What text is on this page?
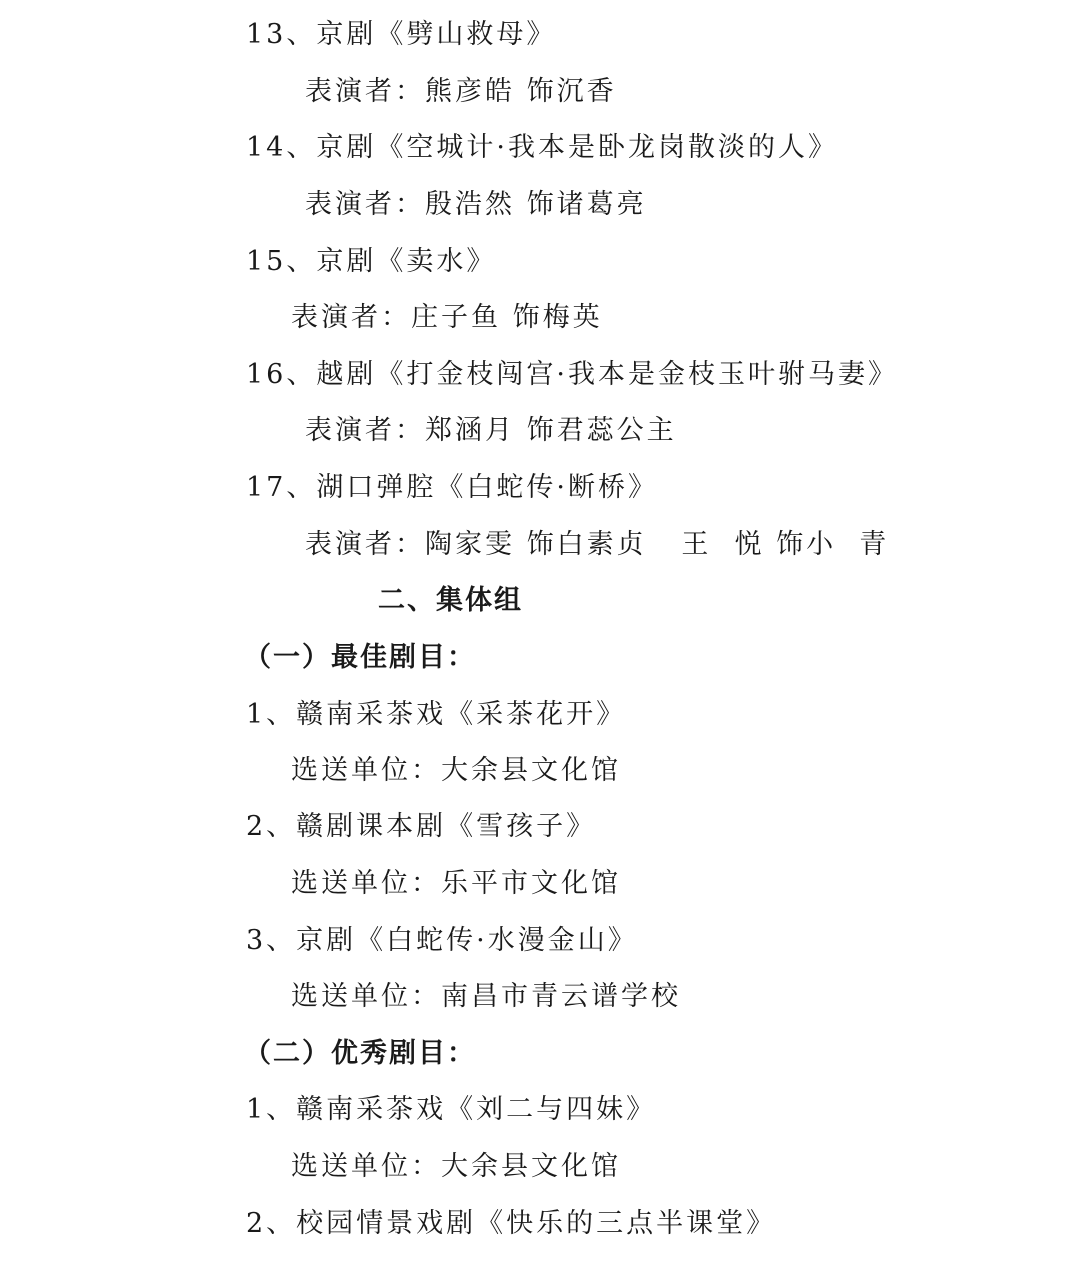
13、京剧《劈山救母》
表演者：熊彦皓 饰沉香
14、京剧《空城计·我本是卧龙岗散淡的人》
表演者：殷浩然 饰诸葛亮
15、京剧《卖水》
表演者：庄子鱼 饰梅英
16、越剧《打金枝闯宫·我本是金枝玉叶驸马妻》
表演者：郑涵月 饰君蕊公主
17、湖口弹腔《白蛇传·断桥》
表演者：陶家雯 饰白素贞   王  悦 饰小  青
二、集体组
（一）最佳剧目：
1、赣南采茶戏《采茶花开》
选送单位：大余县文化馆
2、赣剧课本剧《雪孩子》
选送单位：乐平市文化馆
3、京剧《白蛇传·水漫金山》
选送单位：南昌市青云谱学校
（二）优秀剧目：
1、赣南采茶戏《刘二与四妹》
选送单位：大余县文化馆
2、校园情景戏剧《快乐的三点半课堂》
